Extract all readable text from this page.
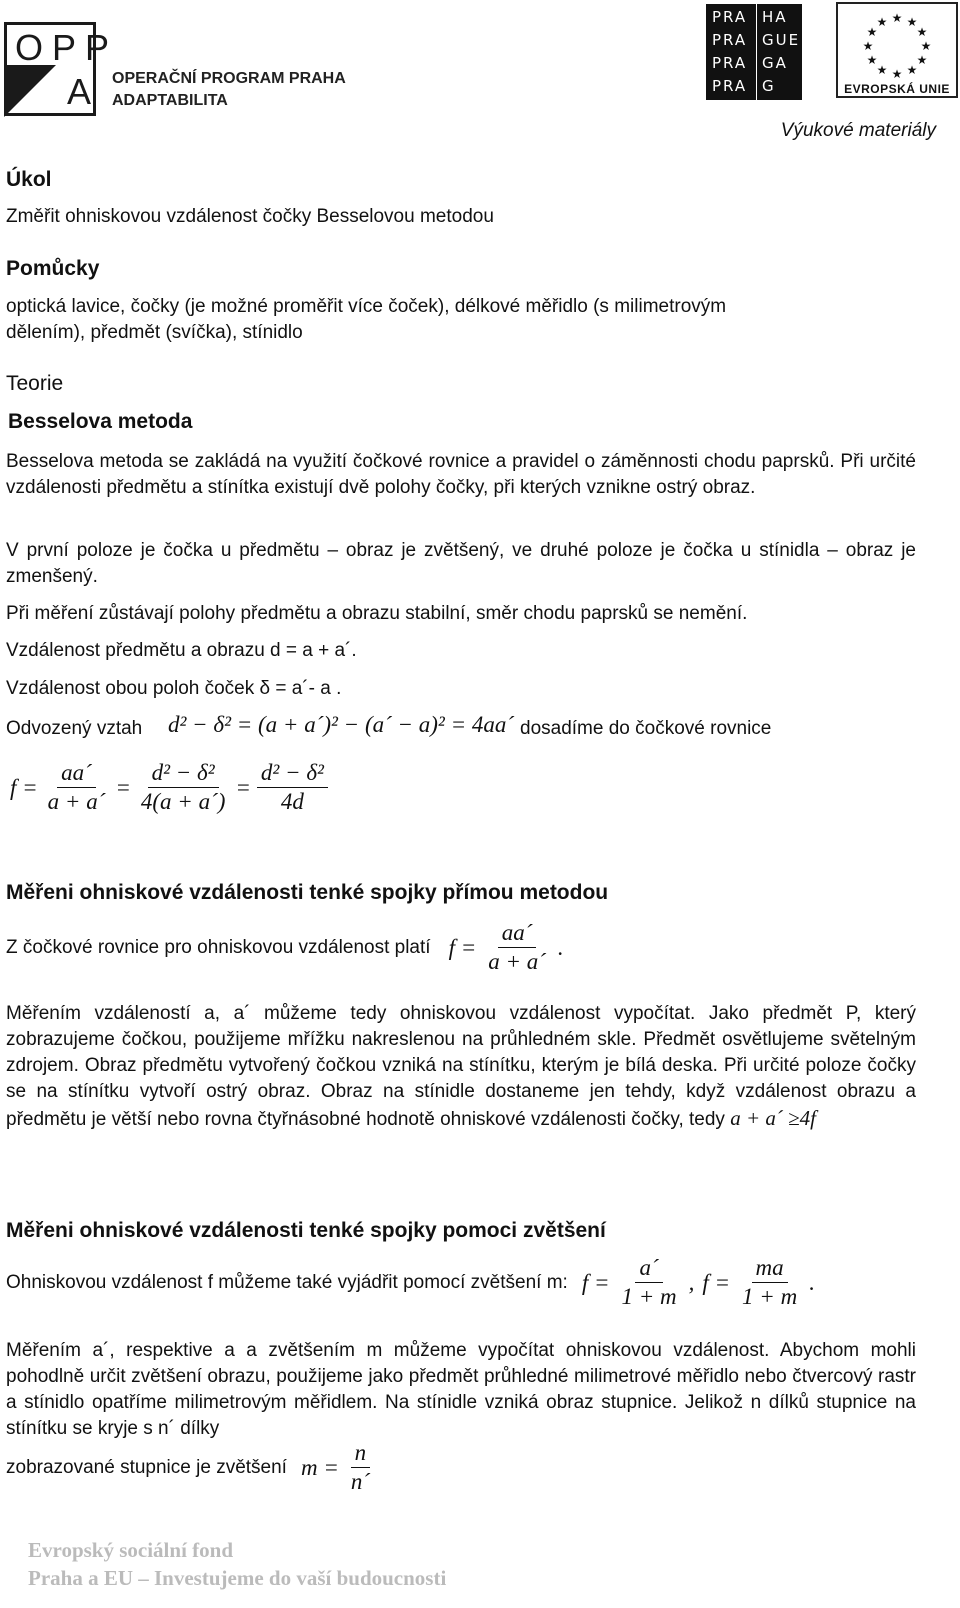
OPP
A OPERAČNÍ PROGRAM PRAHA
ADAPTABILITA
PRA HA
PRA GUE
PRA GA
PRA G
★ ★
★
★
★
★
★
★
★
★
★
★
EVROPSKÁ UNIE
Výukové materiály
Úkol
Změřit ohniskovou vzdálenost čočky Besselovou metodou
Pomůcky
optická lavice, čočky (je možné proměřit více čoček), délkové měřidlo (s milimetrovým
dělením), předmět (svíčka), stínidlo
Teorie
Besselova metoda
Besselova metoda se zakládá na využití čočkové rovnice a pravidel o záměnnosti chodu paprsků. Při určité vzdálenosti předmětu a stínítka existují dvě polohy čočky, při kterých vznikne ostrý obraz.
V první poloze je čočka u předmětu – obraz je zvětšený, ve druhé poloze je čočka u stínidla – obraz je zmenšený.
Při měření zůstávají polohy předmětu a obrazu stabilní, směr chodu paprsků se nemění.
Vzdálenost předmětu a obrazu d = a + a´.
Vzdálenost obou poloh čoček δ = a´- a .
Odvozený vztah d² − δ² = (a + a´)² − (a´ − a)² = 4aa´ dosadíme do čočkové rovnice
$f = \frac{aa´}{a + a´} = \frac{\text{d² − δ²}}{4(a + a´)} = \frac{\text{d² − δ²}}{4d}$
Měřeni ohniskové vzdálenosti tenké spojky přímou metodou
Z čočkové rovnice pro ohniskovou vzdálenost platí $f = \frac{aa´}{a + a´}$ .
Měřením vzdáleností a, a´ můžeme tedy ohniskovou vzdálenost vypočítat. Jako předmět P, který zobrazujeme čočkou, použijeme mřížku nakreslenou na průhledném skle. Předmět osvětlujeme světelným zdrojem. Obraz předmětu vytvořený čočkou vzniká na stínítku, kterým je bílá deska. Při určité poloze čočky se na stínítku vytvoří ostrý obraz. Obraz na stínidle dostaneme jen tehdy, když vzdálenost obrazu a předmětu je větší nebo rovna čtyřnásobné hodnotě ohniskové vzdálenosti čočky, tedy a + a´ ≥4f
Měřeni ohniskové vzdálenosti tenké spojky pomoci zvětšení
Ohniskovou vzdálenost f můžeme také vyjádřit pomocí zvětšení m: $f = \frac{a´}{1 + m}$ , $f = \frac{ma}{1 + m}$ .
Měřením a´, respektive a a zvětšením m můžeme vypočítat ohniskovou vzdálenost. Abychom mohli pohodlně určit zvětšení obrazu, použijeme jako předmět průhledné milimetrové měřidlo nebo čtvercový rastr a stínidlo opatříme milimetrovým měřidlem. Na stínidle vzniká obraz stupnice. Jelikož n dílků stupnice na stínítku se kryje s n´ dílky
zobrazované stupnice je zvětšení $m = \frac{n}{n´}$
Evropský sociální fond
Praha a EU – Investujeme do vaší budoucnosti
